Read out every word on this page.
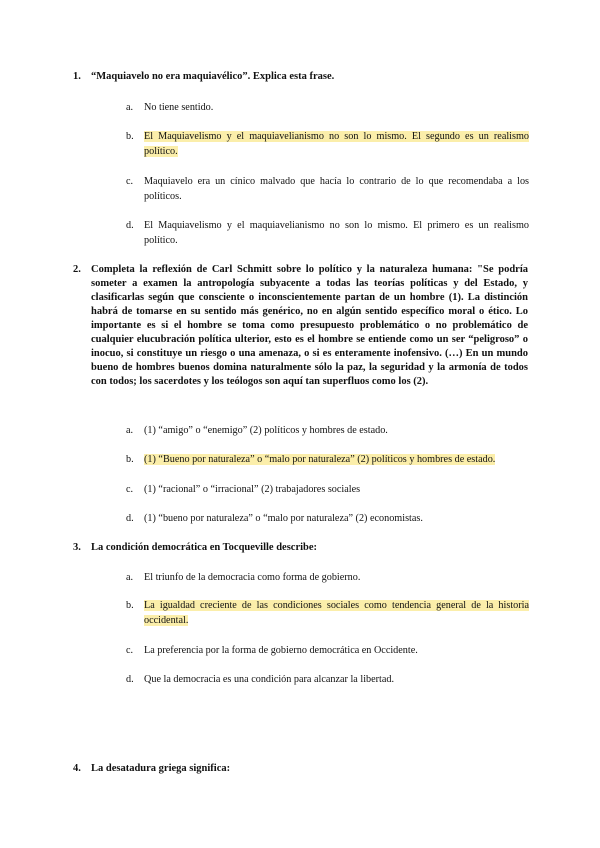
1. “Maquiavelo no era maquiavélico”. Explica esta frase.
a. No tiene sentido.
b. El Maquiavelismo y el maquiavelianismo no son lo mismo. El segundo es un realismo político.
c. Maquiavelo era un cínico malvado que hacía lo contrario de lo que recomendaba a los políticos.
d. El Maquiavelismo y el maquiavelianismo no son lo mismo. El primero es un realismo político.
2. Completa la reflexión de Carl Schmitt sobre lo político y la naturaleza humana: "Se podría someter a examen la antropología subyacente a todas las teorías políticas y del Estado, y clasificarlas según que consciente o inconscientemente partan de un hombre (1). La distinción habrá de tomarse en su sentido más genérico, no en algún sentido específico moral o ético. Lo importante es si el hombre se toma como presupuesto problemático o no problemático de cualquier elucubración política ulterior, esto es el hombre se entiende como un ser “peligroso” o inocuo, si constituye un riesgo o una amenaza, o si es enteramente inofensivo. (…) En un mundo bueno de hombres buenos domina naturalmente sólo la paz, la seguridad y la armonía de todos con todos; los sacerdotes y los teólogos son aquí tan superfluos como los (2).
a. (1) “amigo” o “enemigo” (2) políticos y hombres de estado.
b. (1) “Bueno por naturaleza” o “malo por naturaleza” (2) políticos y hombres de estado.
c. (1) “racional” o “irracional” (2) trabajadores sociales
d. (1) “bueno por naturaleza” o “malo por naturaleza” (2) economistas.
3. La condición democrática en Tocqueville describe:
a. El triunfo de la democracia como forma de gobierno.
b. La igualdad creciente de las condiciones sociales como tendencia general de la historia occidental.
c. La preferencia por la forma de gobierno democrática en Occidente.
d. Que la democracia es una condición para alcanzar la libertad.
4. La desatadura griega significa:
